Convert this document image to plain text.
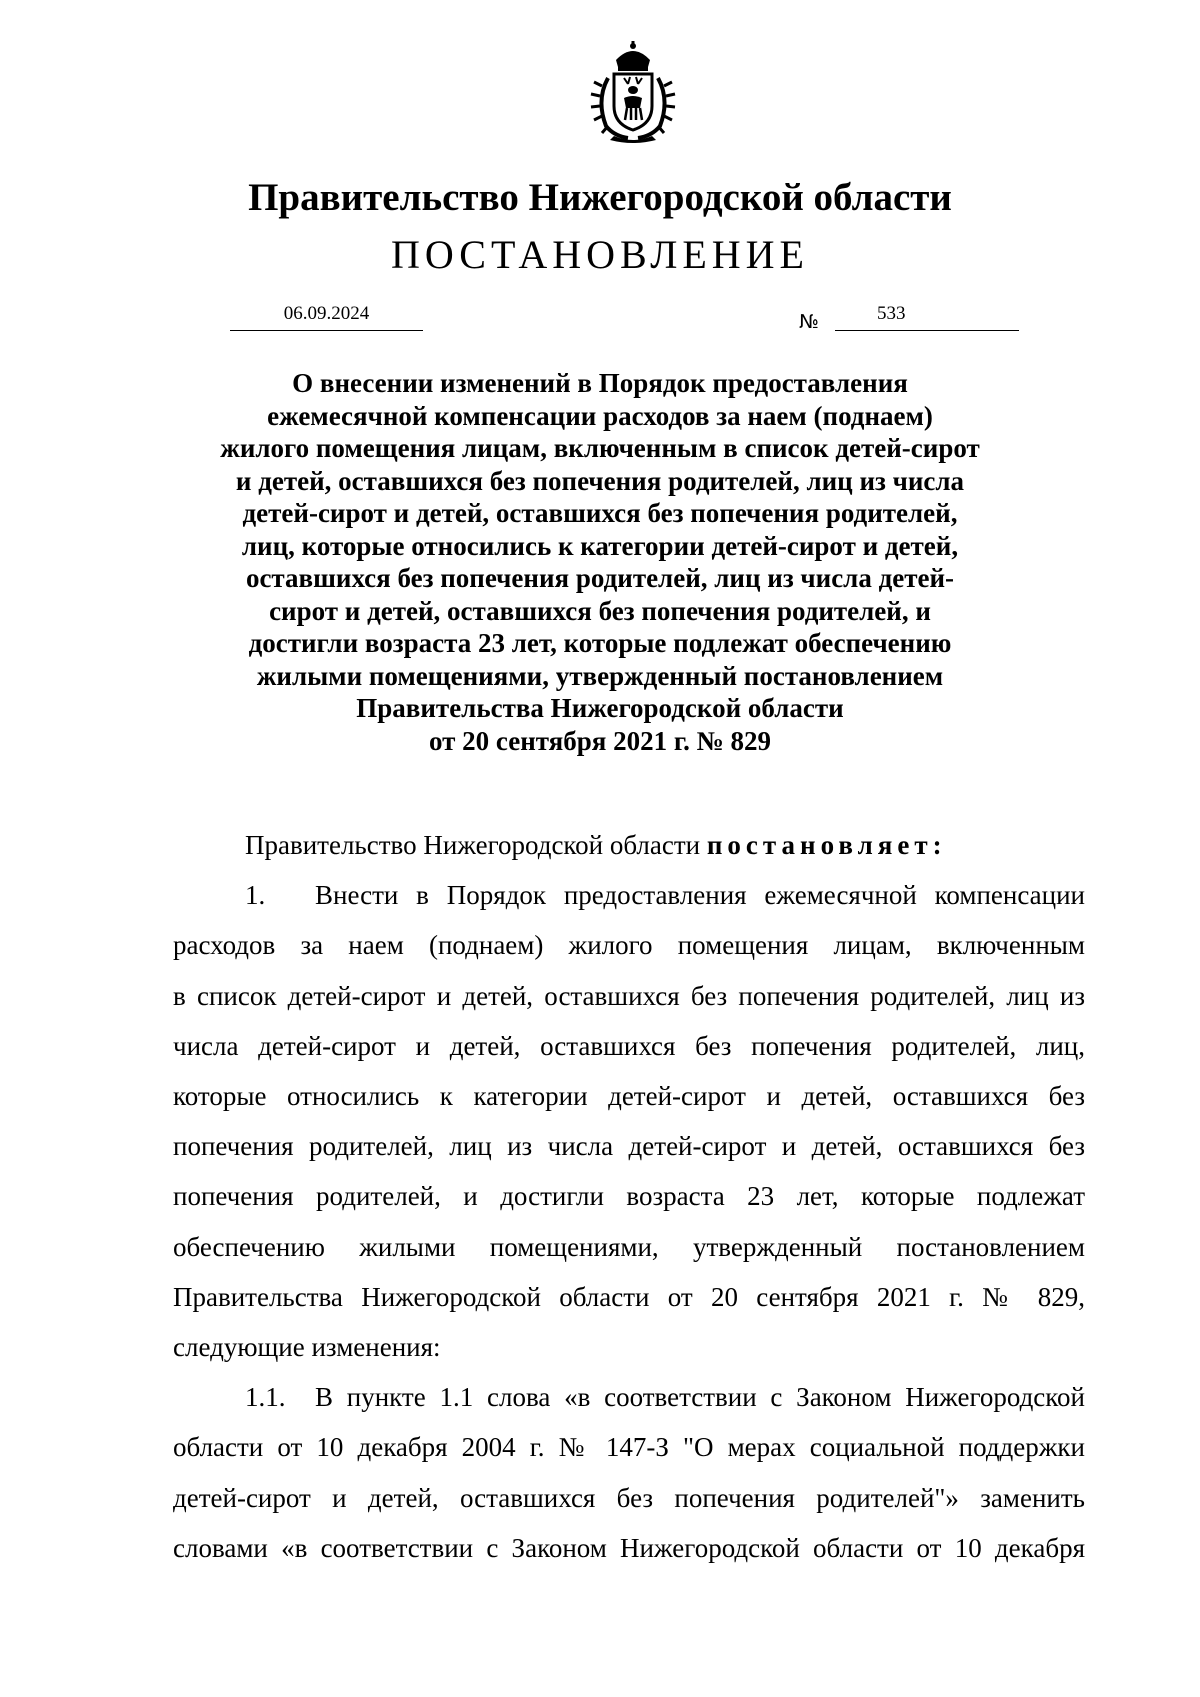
Правительство Нижегородской области
ПОСТАНОВЛЕНИЕ
06.09.2024	№	533
О внесении изменений в Порядок предоставления
ежемесячной компенсации расходов за наем (поднаем)
жилого помещения лицам, включенным в список детей-сирот
и детей, оставшихся без попечения родителей, лиц из числа
детей-сирот и детей, оставшихся без попечения родителей,
лиц, которые относились к категории детей-сирот и детей,
оставшихся без попечения родителей, лиц из числа детей-
сирот и детей, оставшихся без попечения родителей, и
достигли возраста 23 лет, которые подлежат обеспечению
жилыми помещениями, утвержденный постановлением
Правительства Нижегородской области
от 20 сентября 2021 г. № 829
Правительство Нижегородской области постановляет:
1. Внести в Порядок предоставления ежемесячной компенсации
расходов за наем (поднаем) жилого помещения лицам, включенным
в список детей-сирот и детей, оставшихся без попечения родителей, лиц из
числа детей-сирот и детей, оставшихся без попечения родителей, лиц,
которые относились к категории детей-сирот и детей, оставшихся без
попечения родителей, лиц из числа детей-сирот и детей, оставшихся без
попечения родителей, и достигли возраста 23 лет, которые подлежат
обеспечению жилыми помещениями, утвержденный постановлением
Правительства Нижегородской области от 20 сентября 2021 г. № 829,
следующие изменения:
1.1. В пункте 1.1 слова «в соответствии с Законом Нижегородской
области от 10 декабря 2004 г. № 147-З "О мерах социальной поддержки
детей-сирот и детей, оставшихся без попечения родителей"» заменить
словами «в соответствии с Законом Нижегородской области от 10 декабря
